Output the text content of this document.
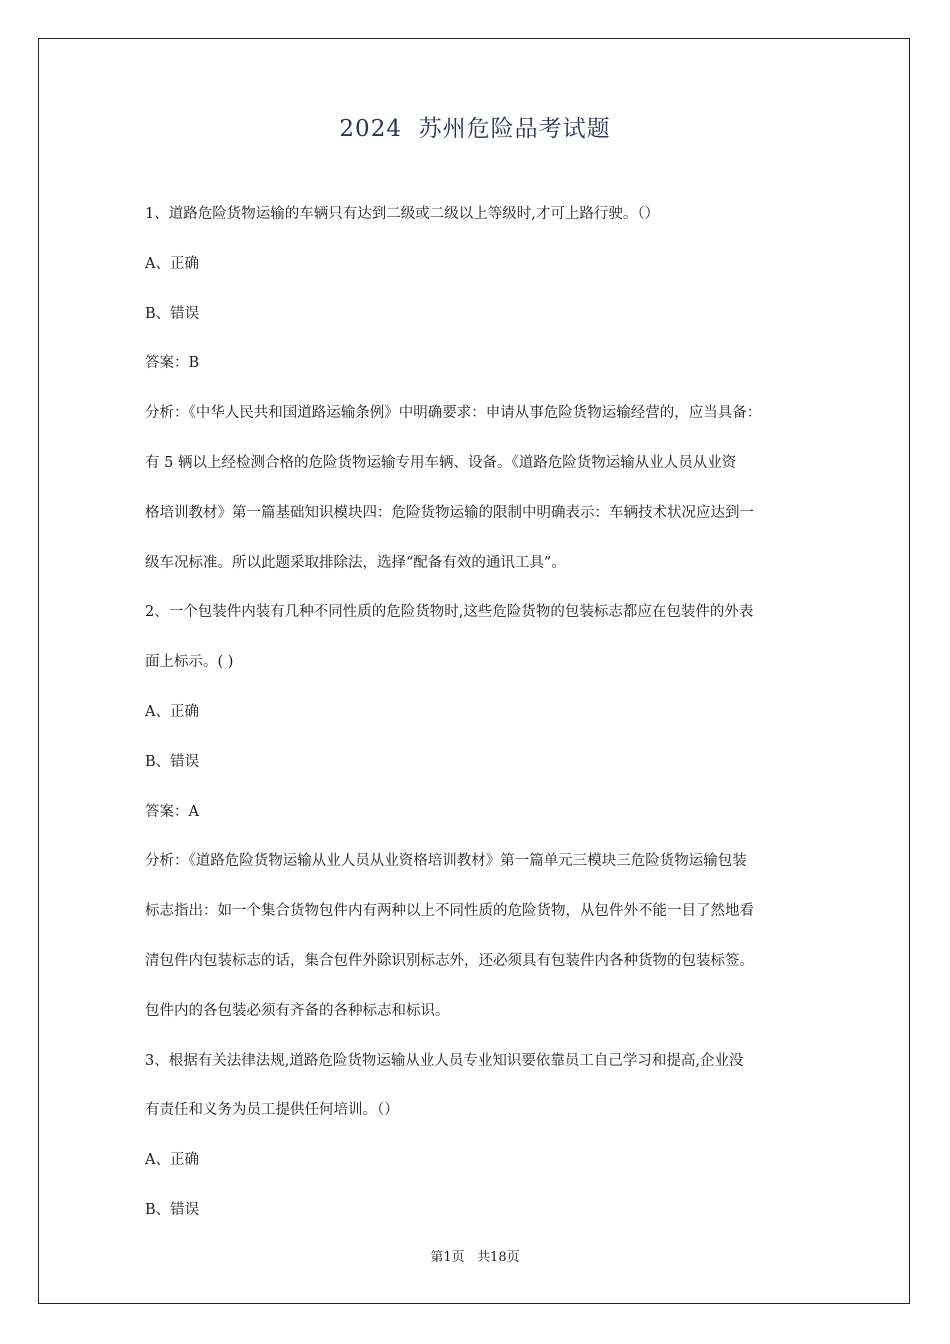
2024  苏州危险品考试题

1、道路危险货物运输的车辆只有达到二级或二级以上等级时,才可上路行驶。（）

A、正确

B、错误

答案：B

分析：《中华人民共和国道路运输条例》中明确要求：申请从事危险货物运输经营的，应当具备：

有 5 辆以上经检测合格的危险货物运输专用车辆、设备。《道路危险货物运输从业人员从业资

格培训教材》第一篇基础知识模块四：危险货物运输的限制中明确表示：车辆技术状况应达到一

级车况标准。所以此题采取排除法，选择“配备有效的通讯工具”。

2、一个包装件内装有几种不同性质的危险货物时,这些危险货物的包装标志都应在包装件的外表

面上标示。( )

A、正确

B、错误

答案：A

分析：《道路危险货物运输从业人员从业资格培训教材》第一篇单元三模块三危险货物运输包装

标志指出：如一个集合货物包件内有两种以上不同性质的危险货物，从包件外不能一目了然地看

清包件内包装标志的话，集合包件外除识别标志外，还必须具有包装件内各种货物的包装标签。

包件内的各包装必须有齐备的各种标志和标识。

3、根据有关法律法规,道路危险货物运输从业人员专业知识要依靠员工自己学习和提高,企业没

有责任和义务为员工提供任何培训。（）

A、正确

B、错误

第1页   共18页
